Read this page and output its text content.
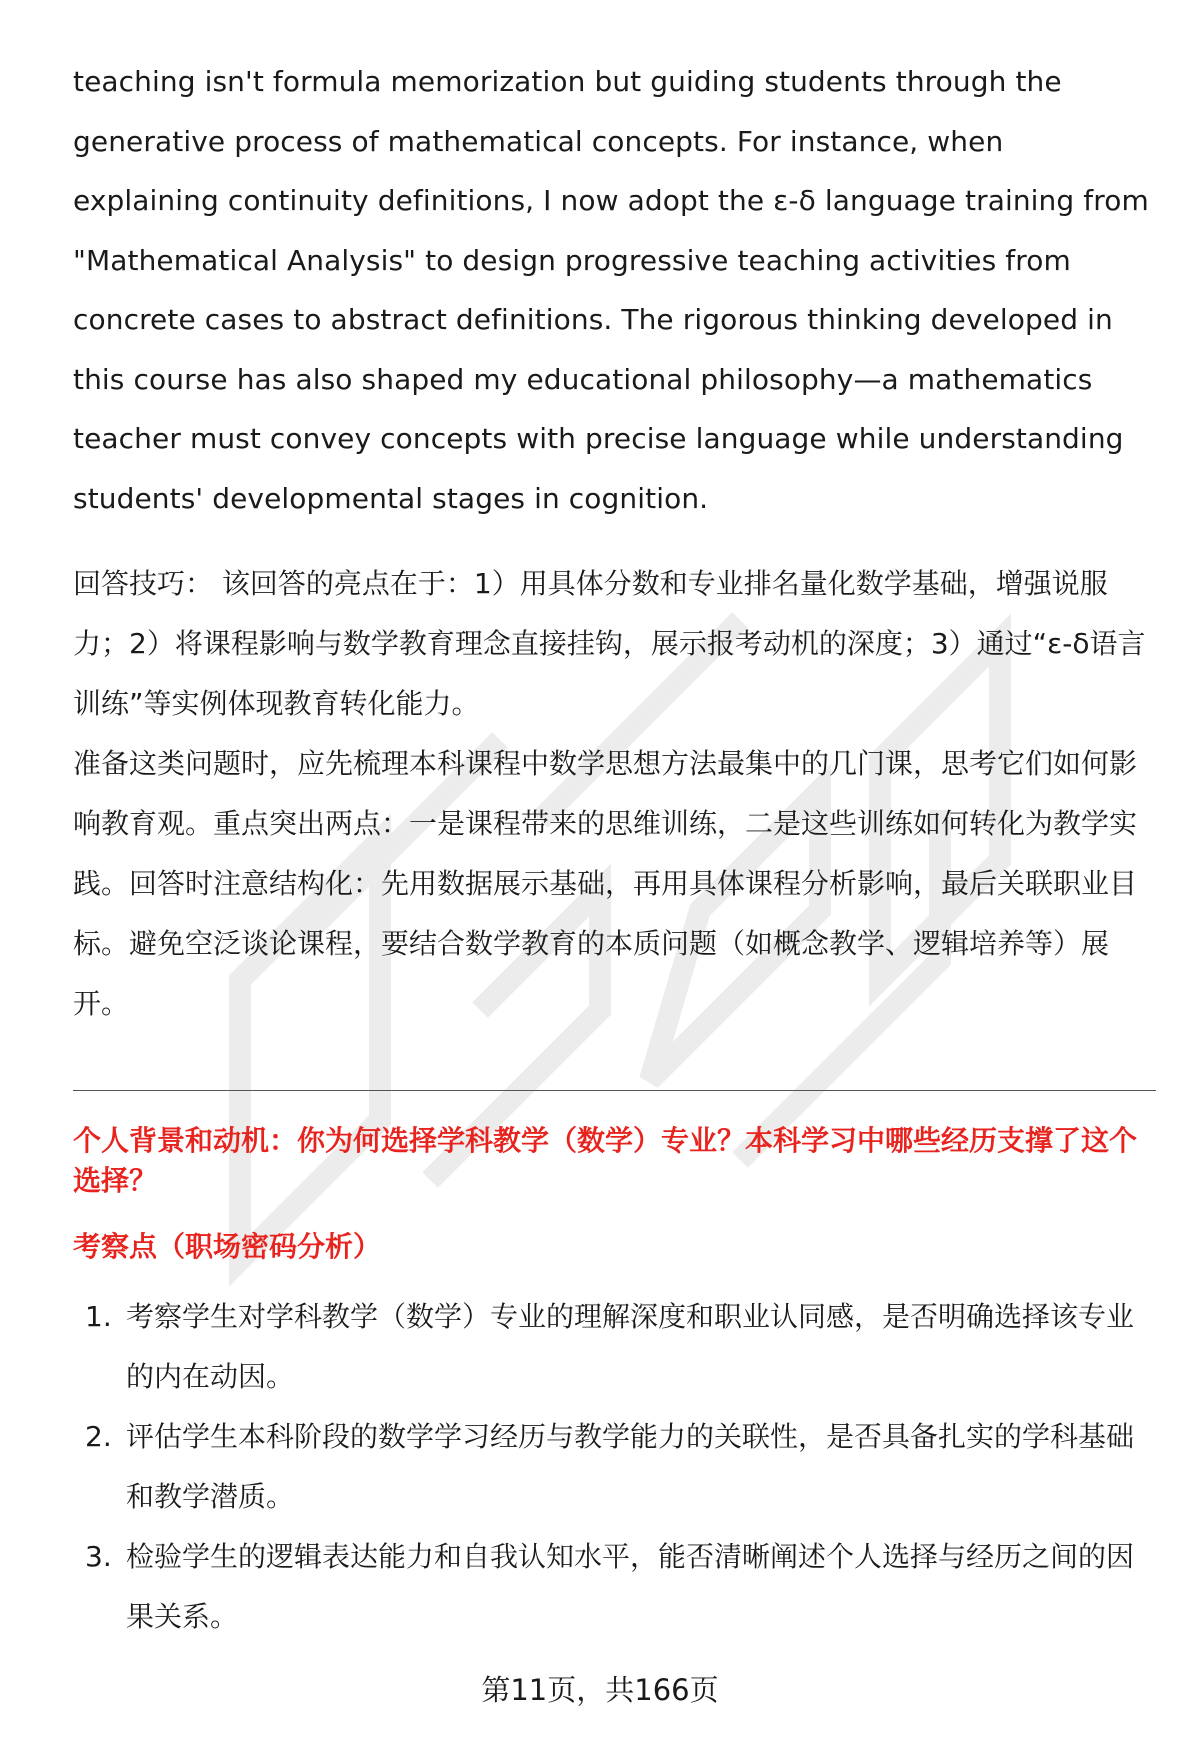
teaching isn't formula memorization but guiding students through the generative process of mathematical concepts. For instance, when explaining continuity definitions, I now adopt the ε-δ language training from "Mathematical Analysis" to design progressive teaching activities from concrete cases to abstract definitions. The rigorous thinking developed in this course has also shaped my educational philosophy—a mathematics teacher must convey concepts with precise language while understanding students' developmental stages in cognition.

回答技巧： 该回答的亮点在于：1）用具体分数和专业排名量化数学基础，增强说服力；2）将课程影响与数学教育理念直接挂钩，展示报考动机的深度；3）通过“ε-δ语言训练”等实例体现教育转化能力。

准备这类问题时，应先梳理本科课程中数学思想方法最集中的几门课，思考它们如何影响教育观。重点突出两点：一是课程带来的思维训练，二是这些训练如何转化为教学实践。回答时注意结构化：先用数据展示基础，再用具体课程分析影响，最后关联职业目标。避免空泛谈论课程，要结合数学教育的本质问题（如概念教学、逻辑培养等）展开。

个人背景和动机：你为何选择学科教学（数学）专业？本科学习中哪些经历支撑了这个选择？
考察点（职场密码分析）
1. 考察学生对学科教学（数学）专业的理解深度和职业认同感，是否明确选择该专业的内在动因。
2. 评估学生本科阶段的数学学习经历与教学能力的关联性，是否具备扎实的学科基础和教学潜质。
3. 检验学生的逻辑表达能力和自我认知水平，能否清晰阐述个人选择与经历之间的因果关系。
第11页，共166页
